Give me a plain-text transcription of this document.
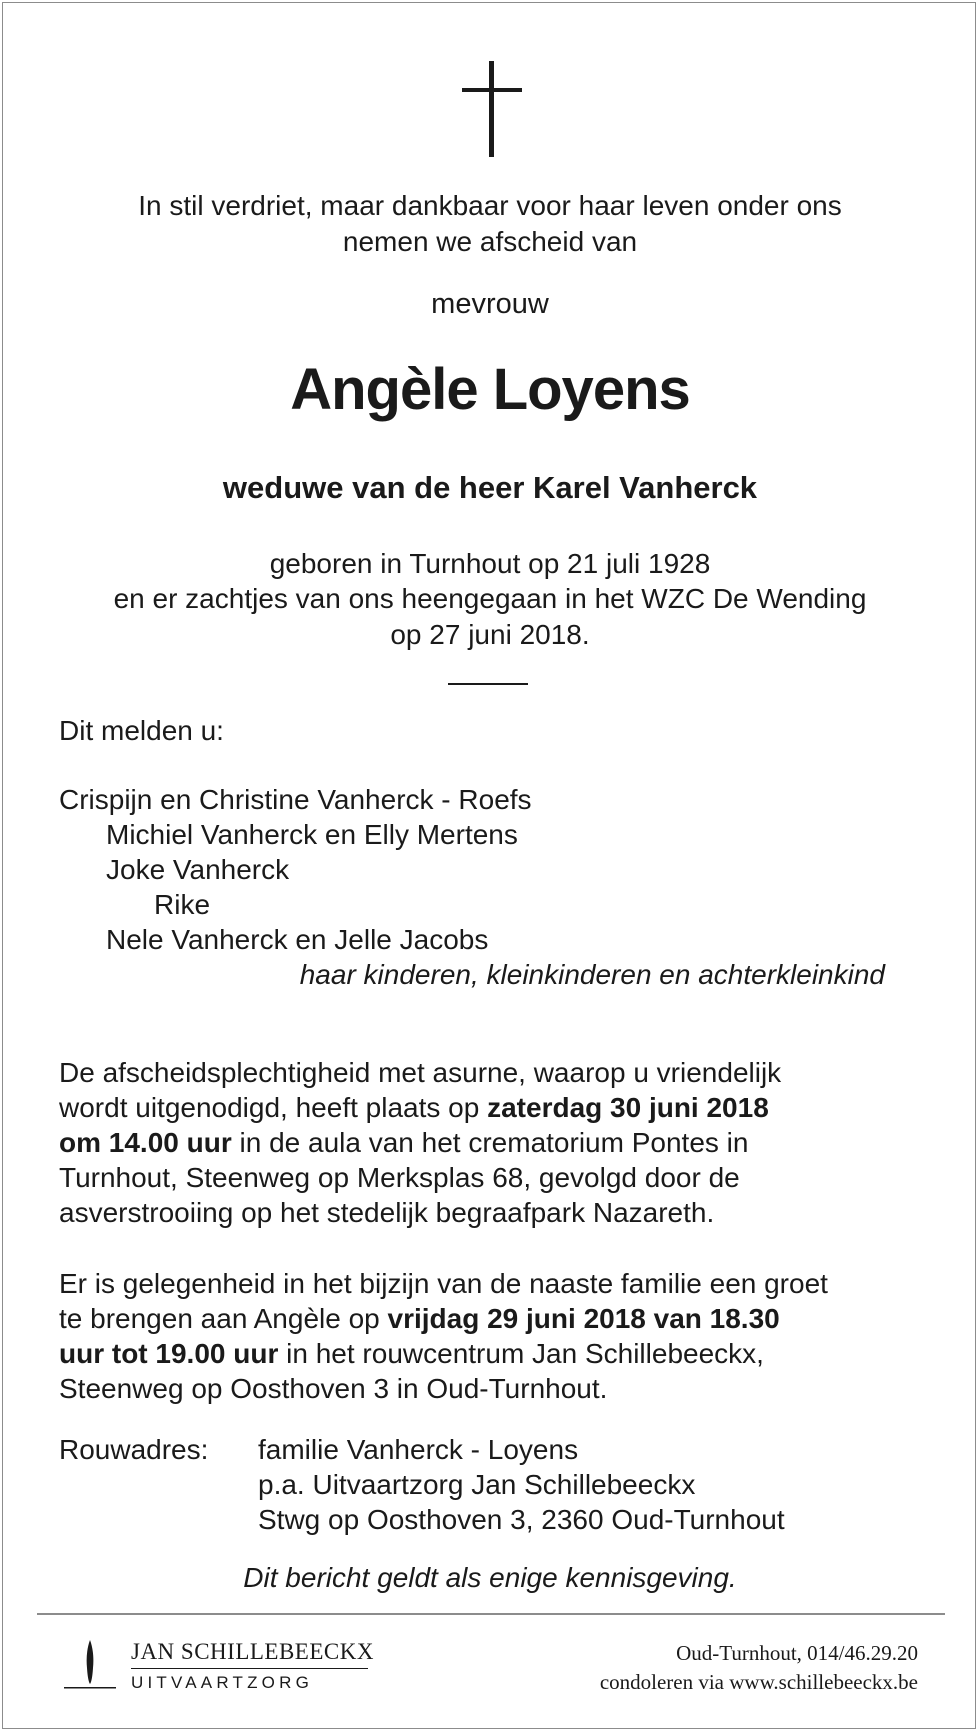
In stil verdriet, maar dankbaar voor haar leven onder ons
nemen we afscheid van
mevrouw
Angèle Loyens
weduwe van de heer Karel Vanherck
geboren in Turnhout op 21 juli 1928
en er zachtjes van ons heengegaan in het WZC De Wending
op 27 juni 2018.
Dit melden u:
Crispijn en Christine Vanherck - Roefs
Michiel Vanherck en Elly Mertens
Joke Vanherck
Rike
Nele Vanherck en Jelle Jacobs
haar kinderen, kleinkinderen en achterkleinkind
De afscheidsplechtigheid met asurne, waarop u vriendelijk
wordt uitgenodigd, heeft plaats op zaterdag 30 juni 2018
om 14.00 uur in de aula van het crematorium Pontes in
Turnhout, Steenweg op Merksplas 68, gevolgd door de
asverstrooiing op het stedelijk begraafpark Nazareth.
Er is gelegenheid in het bijzijn van de naaste familie een groet
te brengen aan Angèle op vrijdag 29 juni 2018 van 18.30
uur tot 19.00 uur in het rouwcentrum Jan Schillebeeckx,
Steenweg op Oosthoven 3 in Oud-Turnhout.
Rouwadres:	familie Vanherck - Loyens
p.a. Uitvaartzorg Jan Schillebeeckx
Stwg op Oosthoven 3, 2360 Oud-Turnhout
Dit bericht geldt als enige kennisgeving.
JAN SCHILLEBEECKX
UITVAARTZORG
Oud-Turnhout, 014/46.29.20
condoleren via www.schillebeeckx.be
